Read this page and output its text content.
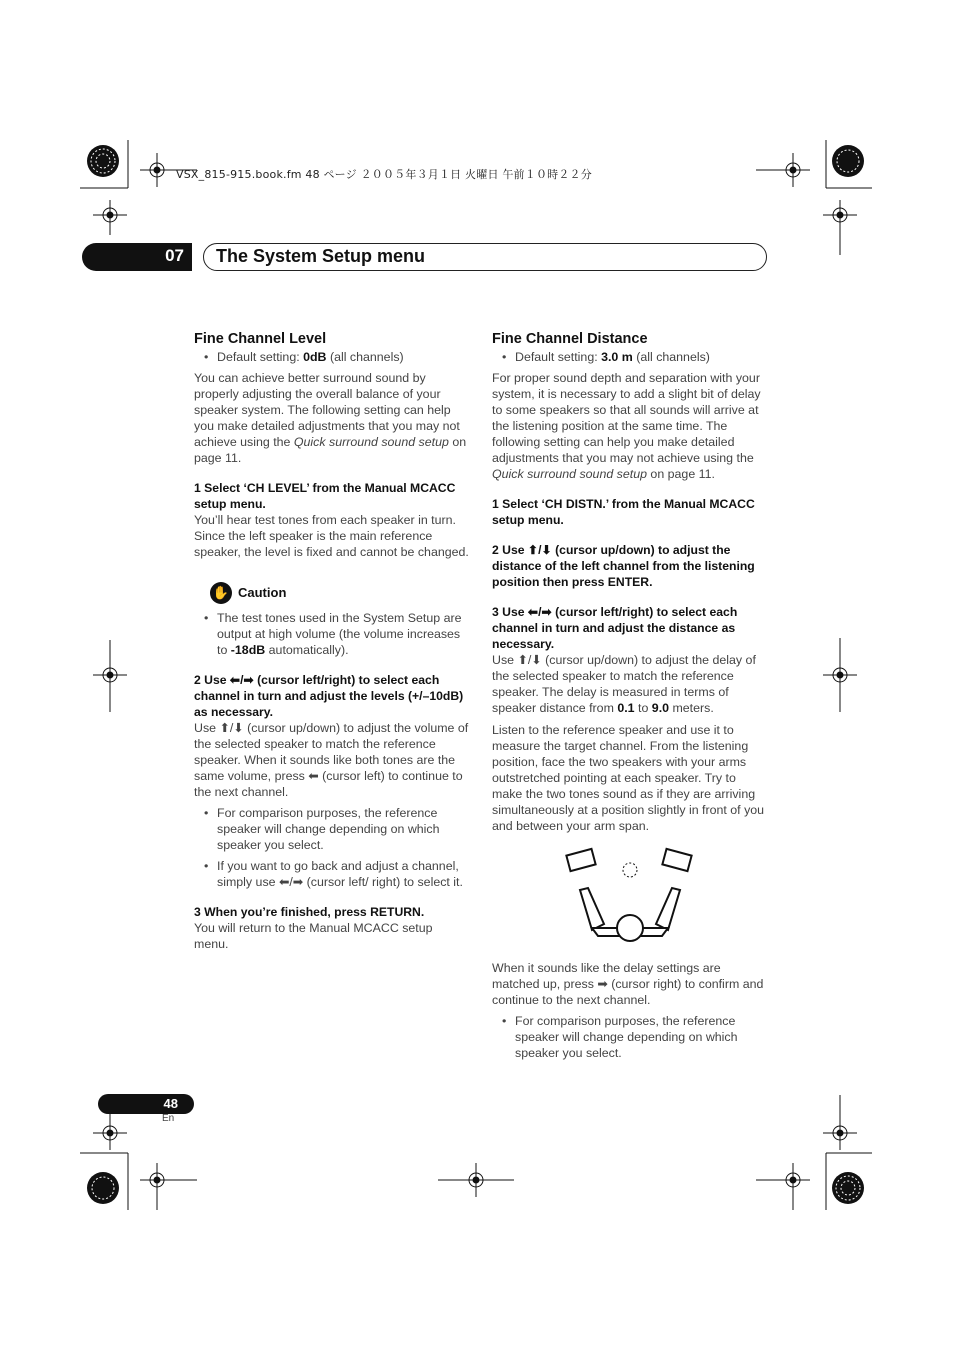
VSX_815-915.book.fm 48 ページ ２００５年３月１日 火曜日 午前１０時２２分
07 The System Setup menu
Fine Channel Level
• Default setting: 0dB (all channels)

You can achieve better surround sound by properly adjusting the overall balance of your speaker system. The following setting can help you make detailed adjustments that you may not achieve using the Quick surround sound setup on page 11.

1 Select ‘CH LEVEL’ from the Manual MCACC setup menu.

You’ll hear test tones from each speaker in turn. Since the left speaker is the main reference speaker, the level is fixed and cannot be changed.

✋ Caution
• The test tones used in the System Setup are output at high volume (the volume increases to -18dB automatically).
2 Use ⬅/➡ (cursor left/right) to select each channel in turn and adjust the levels (+/–10dB) as necessary.

Use ⬆/⬇ (cursor up/down) to adjust the volume of the selected speaker to match the reference speaker. When it sounds like both tones are the same volume, press ⬅ (cursor left) to continue to the next channel.

• For comparison purposes, the reference speaker will change depending on which speaker you select.
• If you want to go back and adjust a channel, simply use ⬅/➡ (cursor left/ right) to select it.
3 When you’re finished, press RETURN.

You will return to the Manual MCACC setup menu.

Fine Channel Distance
• Default setting: 3.0 m (all channels)

For proper sound depth and separation with your system, it is necessary to add a slight bit of delay to some speakers so that all sounds will arrive at the listening position at the same time. The following setting can help you make detailed adjustments that you may not achieve using the Quick surround sound setup on page 11.

1 Select ‘CH DISTN.’ from the Manual MCACC setup menu.
2 Use ⬆/⬇ (cursor up/down) to adjust the distance of the left channel from the listening position then press ENTER.
3 Use ⬅/➡ (cursor left/right) to select each channel in turn and adjust the distance as necessary.

Use ⬆/⬇ (cursor up/down) to adjust the delay of the selected speaker to match the reference speaker. The delay is measured in terms of speaker distance from 0.1 to 9.0 meters.

Listen to the reference speaker and use it to measure the target channel. From the listening position, face the two speakers with your arms outstretched pointing at each speaker. Try to make the two tones sound as if they are arriving simultaneously at a position slightly in front of you and between your arm span.

When it sounds like the delay settings are matched up, press ➡ (cursor right) to confirm and continue to the next channel.

• For comparison purposes, the reference speaker will change depending on which speaker you select.
48
En
